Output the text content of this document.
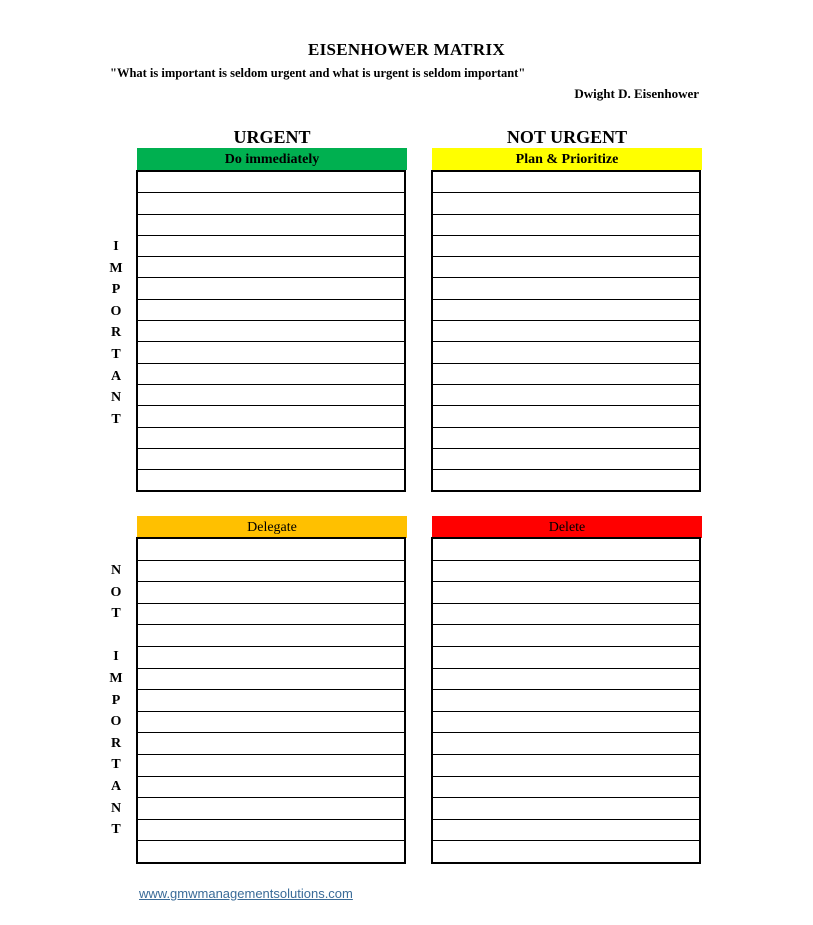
EISENHOWER MATRIX
"What is important is seldom urgent and what is urgent is seldom important"
Dwight D. Eisenhower
URGENT	NOT URGENT
Do immediately	Plan & Prioritize
Delegate	Delete
I
M
P
O
R
T
A
N
T
N
O
T
I
M
P
O
R
T
A
N
T
www.gmwmanagementsolutions.com
